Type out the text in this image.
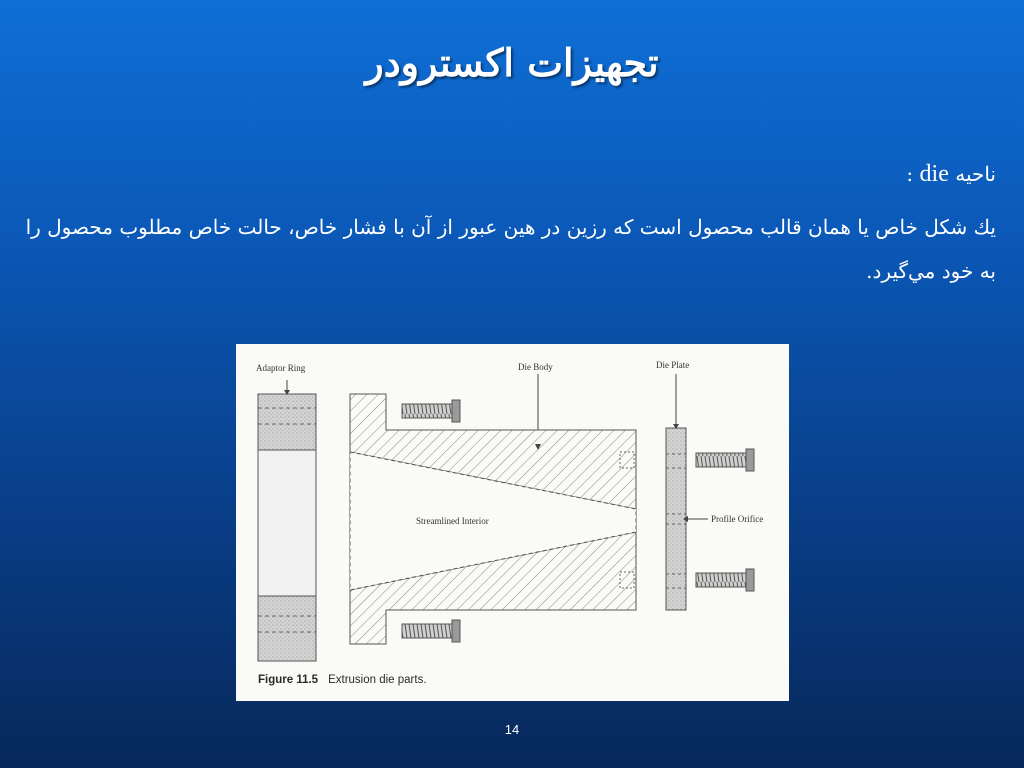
تجهيزات اكسترودر
ناحيه die :
يك شكل خاص يا همان قالب محصول است كه رزين در هين عبور از آن با فشار خاص، حالت خاص مطلوب محصول را به خود مي‌گيرد.
Adaptor Ring	Die Body	Die Plate
Streamlined Interior	Profile Orifice
Figure 11.5 Extrusion die parts.
14
